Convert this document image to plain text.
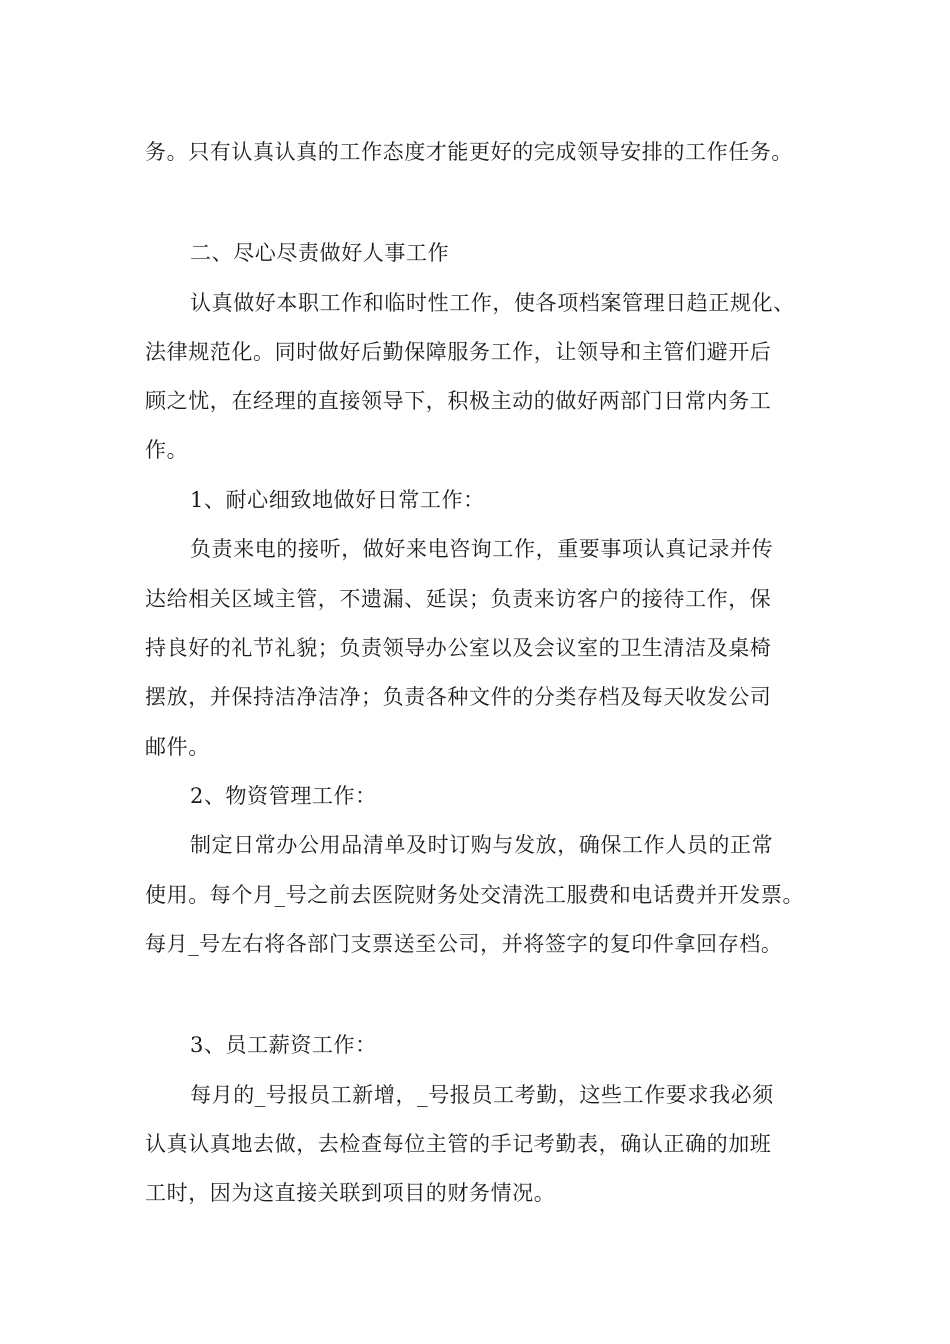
务。只有认真认真的工作态度才能更好的完成领导安排的工作任务。
二、尽心尽责做好人事工作
认真做好本职工作和临时性工作，使各项档案管理日趋正规化、
法律规范化。同时做好后勤保障服务工作，让领导和主管们避开后
顾之忧，在经理的直接领导下，积极主动的做好两部门日常内务工
作。
1、耐心细致地做好日常工作：
负责来电的接听，做好来电咨询工作，重要事项认真记录并传
达给相关区域主管，不遗漏、延误；负责来访客户的接待工作，保
持良好的礼节礼貌；负责领导办公室以及会议室的卫生清洁及桌椅
摆放，并保持洁净洁净；负责各种文件的分类存档及每天收发公司
邮件。
2、物资管理工作：
制定日常办公用品清单及时订购与发放，确保工作人员的正常
使用。每个月_号之前去医院财务处交清洗工服费和电话费并开发票。
每月_号左右将各部门支票送至公司，并将签字的复印件拿回存档。
3、员工薪资工作：
每月的_号报员工新增，_号报员工考勤，这些工作要求我必须
认真认真地去做，去检查每位主管的手记考勤表，确认正确的加班
工时，因为这直接关联到项目的财务情况。
